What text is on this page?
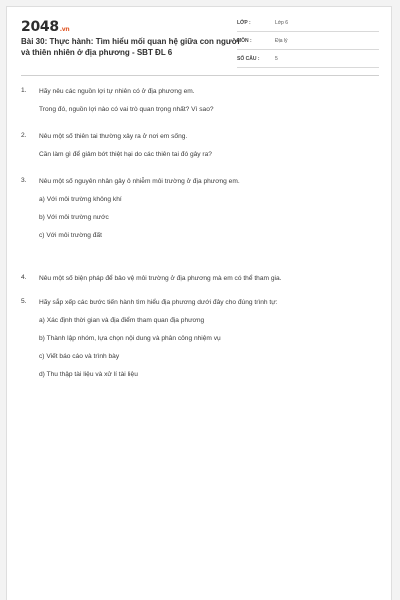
2048.vn
Bài 30: Thực hành: Tìm hiểu mối quan hệ giữa con người và thiên nhiên ở địa phương - SBT ĐL 6
LỚP :	Lớp 6
MÔN :	Địa lý
SỐ CÂU :	5
1. Hãy nêu các nguồn lợi tự nhiên có ở địa phương em.
Trong đó, nguồn lợi nào có vai trò quan trọng nhất? Vì sao?
2. Nêu một số thiên tai thường xảy ra ở nơi em sống.
Cần làm gì để giảm bớt thiệt hại do các thiên tai đó gây ra?
3. Nêu một số nguyên nhân gây ô nhiễm môi trường ở địa phương em.
a) Với môi trường không khí
b) Với môi trường nước
c) Với môi trường đất
4. Nêu một số biện pháp để bảo vệ môi trường ở địa phương mà em có thể tham gia.
5. Hãy sắp xếp các bước tiến hành tìm hiểu địa phương dưới đây cho đúng trình tự:
a) Xác định thời gian và địa điểm tham quan địa phương
b) Thành lập nhóm, lựa chọn nội dung và phân công nhiệm vụ
c) Viết báo cáo và trình bày
d) Thu thập tài liệu và xử lí tài liệu
